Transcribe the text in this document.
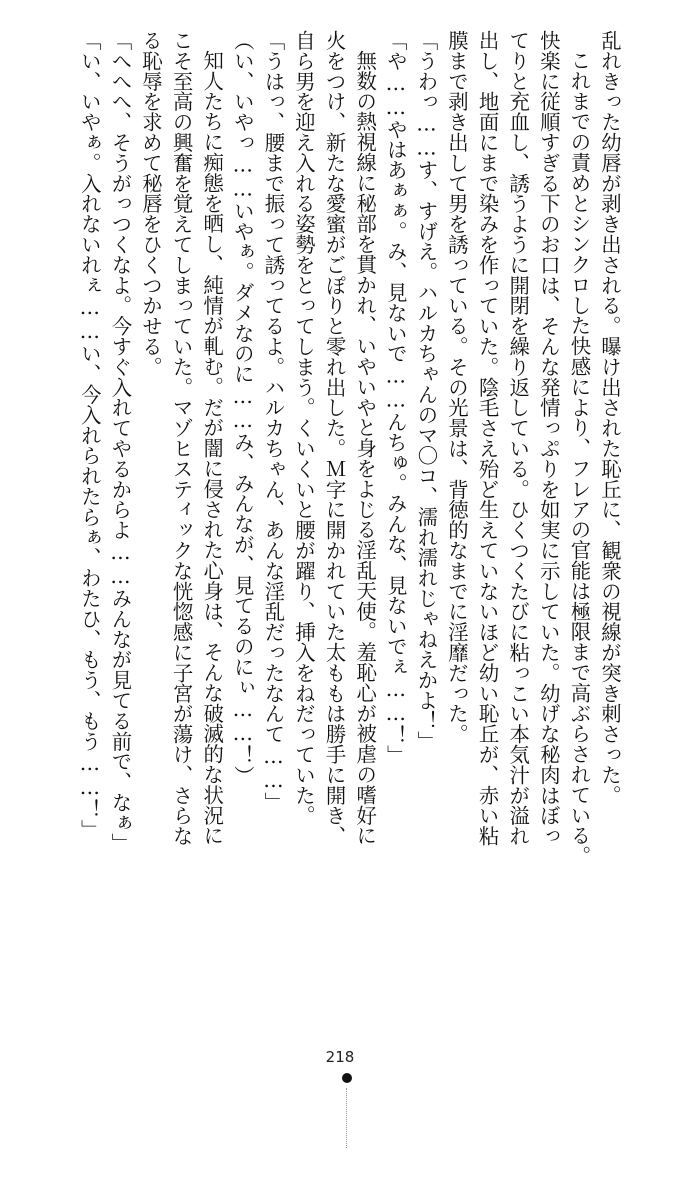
乱れきった幼唇が剥き出される。曝け出された恥丘に、観衆の視線が突き刺さった。
これまでの責めとシンクロした快感により、フレアの官能は極限まで高ぶらされている。
快楽に従順すぎる下のお口は、そんな発情っぷりを如実に示していた。幼げな秘肉はぼっ
てりと充血し、誘うように開閉を繰り返している。ひくつくたびに粘っこい本気汁が溢れ
出し、地面にまで染みを作っていた。陰毛さえ殆ど生えていないほど幼い恥丘が、赤い粘
膜まで剥き出して男を誘っている。その光景は、背徳的なまでに淫靡だった。
「うわっ……す、すげえ。ハルカちゃんのマ〇コ、濡れ濡れじゃねえかよ！」
「や……やはあぁぁ。み、見ないで……んちゅ。みんな、見ないでぇ……！」
無数の熱視線に秘部を貫かれ、いやいやと身をよじる淫乱天使。羞恥心が被虐の嗜好に
火をつけ、新たな愛蜜がごぽりと零れ出した。Ｍ字に開かれていた太ももは勝手に開き、
自ら男を迎え入れる姿勢をとってしまう。くいくいと腰が躍り、挿入をねだっていた。
「うはっ、腰まで振って誘ってるよ。ハルカちゃん、あんな淫乱だったなんて……」
（い、いやっ……いやぁ。ダメなのに……み、みんなが、見てるのにぃ……！）
知人たちに痴態を晒し、純情が軋む。だが闇に侵された心身は、そんな破滅的な状況に
こそ至高の興奮を覚えてしまっていた。マゾヒスティックな恍惚感に子宮が蕩け、さらな
る恥辱を求めて秘唇をひくつかせる。
「へへへ、そうがっつくなよ。今すぐ入れてやるからよ……みんなが見てる前で、なぁ」
「い、いやぁ。入れないれぇ……い、今入れられたらぁ、わたひ、もう、もう……！」
218
